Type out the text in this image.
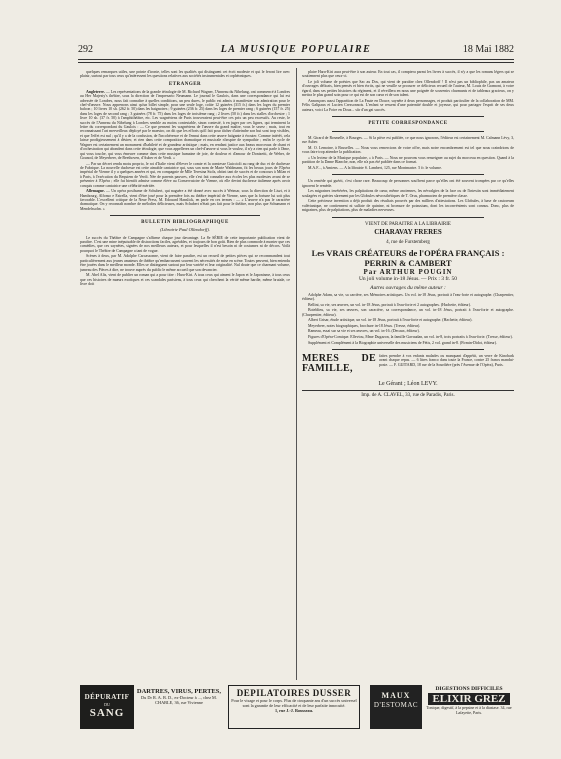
292	LA MUSIQUE POPULAIRE	18 Mai 1882

quelques remarques utiles, une pointe d'ironie, telles sont les qualités qui distinguent cet écrit modeste et qui le feront lire avec plaisir, surtout par tous ceux qu'intéressent les questions relatives aux sociétés instrumentales et orphéoniques.

ETRANGER

Angleterre. — Les représentations de la grande tétralogie de M. Richard Wagner, l'Anneau du Nibelung, ont commencé à Londres au Her Majesty's théâtre, sous la direction de l'impresario Neumann. Le journal le Gaulois, dans une correspondance qui lui est adressée de Londres, nous fait connaître à quelles conditions, un peu dures, le public est admis à manifester son admiration pour le chef-d'œuvre. Nous apprenons ainsi qu'un billet simple, pour une seule loge, coûte 12 guinées (315 fr.) dans les loges du premier balcon ; 10 livres 10 sh. (262 fr. 50) dans les baignoires ; 9 guinées (236 fr. 25) dans les loges de premier rang ; 6 guinées (157 fr. 25) dans les loges de second rang ; 3 guinées (78 fr. 75) dans les loges de troisième rang ; 2 livres (50 fr.) dans les stalles d'orchestre ; 1 livre 10 sh. (37 fr. 50) à l'amphithéâtre, etc. Les wagnériens de Paris trouveraient peut-être ces prix un peu excessifs. Au reste, le succès de l'Anneau du Nibelung à Londres semble au moins contestable, sinon contesté, à en juger par ces lignes, qui terminent la lettre du correspondant du Gaulois : — Ce que pensent les wagnériens de l'œuvre du grand maître, vous le savez ; mais, tout en reconnaissant l'art merveilleux déployé par le maestro, on dit que les efforts qu'il fait pour tâcher d'atteindre son but sont trop visibles, et que l'effet est nul ; qu'il y a de la confusion, de l'incohérence et de l'ennui dans cette œuvre fatigante à écouter. Comme intérêt, cela laisse prodigieusement à désirer, et rien dans cette composition dramatique et musicale n'inspire de sympathie ; enfin le cycle de Wagner est certainement un monument d'habileté et de grandeur artistique ; mais, en rendant justice aux beaux morceaux de chant et d'orchestration qui abondent dans cette tétralogie, que vous appellerez un chef-d'œuvre si vous le voulez, il n'y a rien qui parle à l'âme, qui vous touche, qui vous émeuve comme dans cette musique humaine de joie, de douleur et d'amour de Donizetti, de Weber, de Gounod, de Meyerbeer, de Beethoven, d'Auber et de Verdi. »

— Par un décret rendu motu proprio, le roi d'Italie vient d'élever le comte et la comtesse Guiccioli au rang de duc et de duchesse de Fabrique. La nouvelle duchesse est cette aimable cantatrice qui, sous son nom de Marie Waldmann, fit les beaux jours de l'Opéra impérial de Vienne il y a quelques années et qui, en compagnie de Mlle Teresina Stolz, obtint tant de succès et de concours à Milan et à Paris, à l'exécution du Requiem de Verdi. Née de parents pauvres, elle s'est fait connaître aux écoles les plus modestes avant de se présenter à l'Opéra ; elle fut bientôt admise comme élève au Conservatoire de Vienne, où elle devint duchesse italienne après avoir conquis comme cantatrice une célébrité méritée.

Allemagne. — Un opéra posthume de Schubert, qui naguère a été donné avec succès à Weimar, sous la direction de Liszt, et à Hambourg, Alfonso e Estrella, vient d'être joué pour la première fois au théâtre impérial de Vienne, sans que la fortune lui soit plus favorable. L'excellent critique de la Neue Press, M. Edouard Hanslick, en parle en ces termes : — « L'œuvre n'a pas le caractère dramatique. On y reconnaît nombre de mélodies délicieuses, mais Schubert n'était pas fait pour le théâtre, non plus que Schumann et Mendelssohn. »

BULLETIN BIBLIOGRAPHIQUE
(Librairie Paul Ollendorff).

Le succès du Théâtre de Campagne s'affirme chaque jour davantage. La 8e SÉRIE de cette importante publication vient de paraître. C'est une mine inépuisable de distractions faciles, agréables, et toujours de bon goût. Rien de plus commode à monter que ces comédies, que ces saynètes, signées de nos meilleurs auteurs, et pour lesquelles il n'est besoin ni de costumes ni de décors. Voilà pourquoi le Théâtre de Campagne a tant de vogue.

Scènes à deux, par M. Adolphe Carcassonne, vient de faire paraître, est un recueil de petites pièces qui se recommandent tout particulièrement aux jeunes amateurs de théâtre qu'embarrassent souvent les nécessités de mise en scène. Toutes peuvent, bien entendu être jouées dans le meilleur monde. Elles se distinguent surtout par leur variété et leur originalité. Nul doute que ce charmant volume, jumeau des Pièces à dire, ne trouve auprès du public le même accueil que son devancier.

M. Abel Alis, vient de publier un roman qui a pour titre : Hara-Kiri. A tous ceux qui aiment le Japon et le Japonisme, à tous ceux que ces histoires de mœurs exotiques et ces scandales parisiens, à tous ceux qui cherchent la vérité même hardie, même brutale, ce livre doit

plaire Hara-Kiri aura peut-être à son auteur. En tout cas, il comptera parmi les livres à succès, il n'y a que les romans légers qui se soutiennent plus que ceux-ci.

Le joli volume de poésies que Sac au Dos, qui vient de paraître chez Ollendorff ! Il n'est pas un bibliophile, pas un amateur d'ouvrages délicats, bien pensés et bien écrits, qui ne veuille se procurer ce délicieux recueil de l'auteur, M. Louis de Gramont, à votre égard, dans ses petites histoires du régiment, et il réveillera en nous une poignée de souvenirs charmants et de tableaux gracieux, on y mettra le plus grand soin pour ce qui est de son cœur et de son talent.

Annonçons aussi l'apparition de La Faute en Douce, saynète à deux personnages, et produit particulier de la collaboration de MM. Félix Galipaux et Lucien Cressonnois. L'enfant se ressent d'une paternité double et joyeuse, qui pour partager l'esprit de ses deux auteurs, voici La Foire en Doux... sûr d'un gai succès.

PETITE CORRESPONDANCE

M. Girard de Rosmelle, à Bourges. — Si la pièce est publiée, ce que nous ignorons, l'éditeur est certainement M. Calmann Lévy, 3, rue Auber.

M. O. Lemoine, à Bruxelles. — Nous vous remercions de votre offre, mais notre encombrement est tel que nous craindrions de vous faire trop attendre la publication.

« Un lecteur de la Musique populaire, » à Paris. — Nous ne pouvons vous renseigner au sujet du morceau en question. Quand à la partition de la Dame Blanche, non, elle n'a pas été publiée dans ce format.

M.A.F..., à Amiens. — A la librairie S. Lambert, 125, rue Montmartre. 5 fr. le volume.

Un remède qui guérit, c'est chose rare. Beaucoup de personnes souffrent parce qu'elles ont été souvent trompées par ce qu'elles ignorent le remède.

Les migraines invétérées, les palpitations de cœur, même anciennes, les névralgies de la face ou de l'intestin sont immédiatement soulagées et guéries sûrement par les Globules névrosthétiques de T. Orus, pharmacien de première classe.

Cette précieuse invention a déjà produit des résultats prouvés par des milliers d'attestations. Les Globules, à base de castoreum valérianique, ne contiennent ni sulfate de quinine, ni bromure de potassium, dont les inconvénients sont connus. Donc, plus de migraines, plus de palpitations, plus de maladies nerveuses.

VIENT DE PARAITRE A LA LIBRAIRIE
CHARAVAY FRERES
4, rue de Furstemberg
Les VRAIS CRÉATEURS de l'OPÉRA FRANÇAIS : PERRIN & CAMBERT
Par ARTHUR POUGIN
Un joli volume in-18 Jésus. — Prix : 3 fr. 50
Autres ouvrages du même auteur :

Adolphe Adam, sa vie, sa carrière, ses Mémoires artistiques. Un vol. in-18 Jésus, portrait à l'eau-forte et autographe. (Charpentier, éditeur).

Bellini, sa vie, ses œuvres, un vol. in-18 Jésus, portrait à l'eau-forte et 2 autographes. (Hachette, éditeur).

Boieldieu, sa vie, ses œuvres, son caractère, sa correspondance, un vol. in-18 Jésus, portrait à l'eau-forte et autographe. (Charpentier, éditeur).

Albert Grisar, étude artistique, un vol. in-18 Jésus, portrait à l'eau-forte et autographe. (Hachette, éditeur).

Meyerbeer, notes biographiques, brochure in-18 Jésus. (Tresse, éditeur).

Rameau, essai sur sa vie et ses œuvres, un vol. in-16. (Decaux, éditeur).

Figures d'Opéra-Comique. Elleviou, Mme Dugazon, la famille Gavaudan, un vol. in-8, trois portraits à l'eau-forte. (Tresse, éditeur).

Supplément et Complément à la Biographie universelle des musiciens de Fétis, 2 vol. grand in-8. (Firmin-Didot, éditeur).

MÈRES DE FAMILLE,

faites prendre à vos enfants malades ou manquant d'appétit, un verre de Kinobark avant chaque repas. — 6 litres franco dans toute la France, contre 25 francs mandat-poste. — F. GUITARD, 18 rue de la Sourdière (près l'Avenue de l'Opéra), Paris.

Le Gérant ; Léon LEVY.
Imp. de A. CLAVEL, 33, rue de Paradis, Paris.
DÉPURATIF
DU
SANG
DARTRES, VIRUS, PERTES,
Du Dr R. A. B. D., ex-Docteur à ..., chez M. CHABLE, 36, rue Vivienne
DEPILATOIRES DUSSER
Pour le visage et pour le corps. Plus de cinquante ans d'un succès universel sont la garantie de leur efficacité et de leur parfaite innocuité.
1, rue J.-J. Rousseau.
MAUX
D'ESTOMAC
DIGESTIONS DIFFICILES
ELIXIR GREZ
Tonique, digestif, à la pepsine et à la diastase. 34, rue Lafayette, Paris.
